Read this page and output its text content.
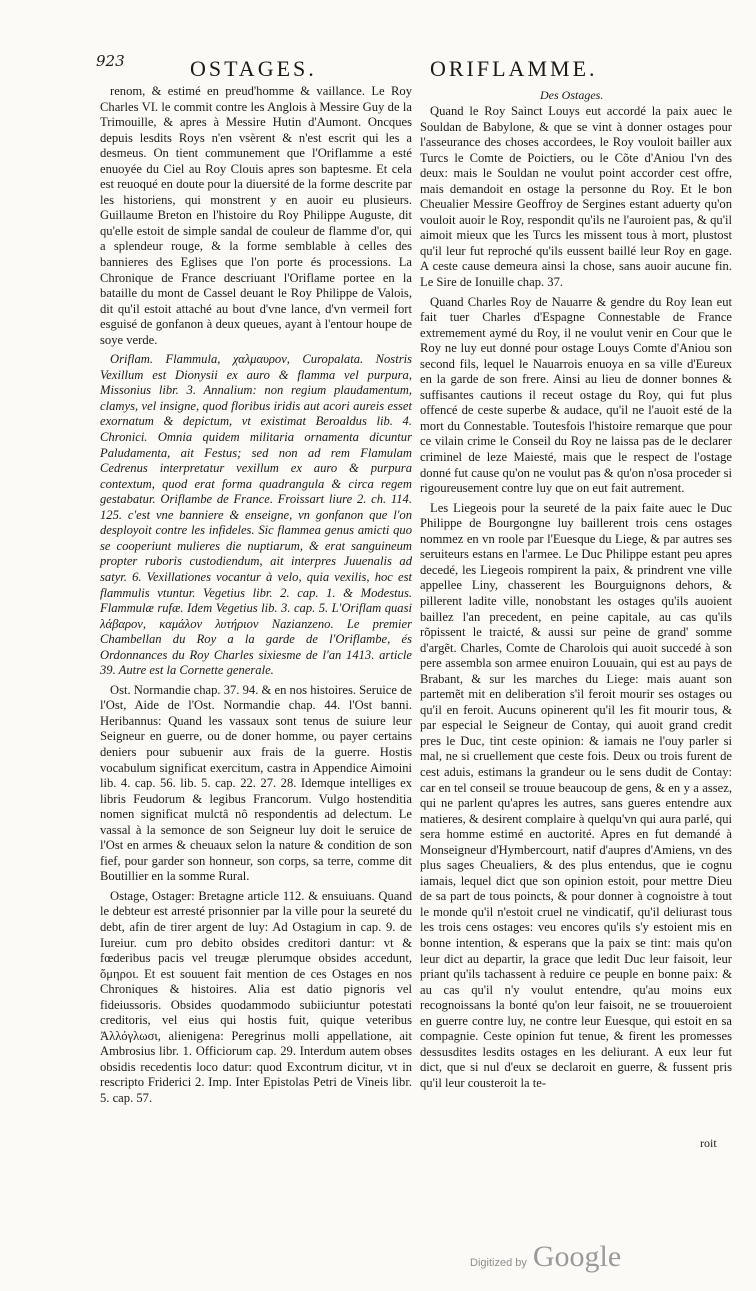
923	OSTAGES.	ORIFLAMME.
Des Ostages.

renom, & estimé en preud'homme & vaillance. Le Roy Charles VI. le commit contre les Anglois à Messire Guy de la Trimouille, & apres à Messire Hutin d'Aumont. Oncques depuis lesdits Roys n'en vsèrent & n'est escrit qui les a desmeus. On tient communement que l'Oriflamme a esté enuoyée du Ciel au Roy Clouis apres son baptesme. Et cela est reuoqué en doute pour la diuersité de la forme descrite par les historiens, qui monstrent y en auoir eu plusieurs. Guillaume Breton en l'histoire du Roy Philippe Auguste, dit qu'elle estoit de simple sandal de couleur de flamme d'or, qui a splendeur rouge, & la forme semblable à celles des bannieres des Eglises que l'on porte és processions. La Chronique de France descriuant l'Oriflame portee en la bataille du mont de Cassel deuant le Roy Philippe de Valois, dit qu'il estoit attaché au bout d'vne lance, d'vn vermeil fort esguisé de gonfanon à deux queues, ayant à l'entour houpe de soye verde.

Oriflam. Flammula, χαλμαυρον, Curopalata. Nostris Vexillum est Dionysii ex auro & flamma vel purpura, Missonius libr. 3. Annalium: non regium plaudamentum, clamys, vel insigne, quod floribus iridis aut acori aureis esset exornatum & depictum, vt existimat Beroaldus lib. 4. Chronici. Omnia quidem militaria ornamenta dicuntur Paludamenta, ait Festus; sed non ad rem Flamulam Cedrenus interpretatur vexillum ex auro & purpura contextum, quod erat forma quadrangula & circa regem gestabatur. Oriflambe de France. Froissart liure 2. ch. 114. 125. c'est vne banniere & enseigne, vn gonfanon que l'on desployoit contre les infideles. Sic flammea genus amicti quo se cooperiunt mulieres die nuptiarum, & erat sanguineum propter ruboris custodiendum, ait interpres Juuenalis ad satyr. 6. Vexillationes vocantur à velo, quia vexilis, hoc est flammulis vtuntur. Vegetius libr. 2. cap. 1. & Modestus. Flammulæ rufæ. Idem Vegetius lib. 3. cap. 5. L'Oriflam quasi λάβαρον, καμάλον λυτήριον Nazianzeno. Le premier Chambellan du Roy a la garde de l'Oriflambe, és Ordonnances du Roy Charles sixiesme de l'an 1413. article 39. Autre est la Cornette generale.

Ost. Normandie chap. 37. 94. & en nos histoires. Seruice de l'Ost, Aide de l'Ost. Normandie chap. 44. l'Ost banni. Heribannus: Quand les vassaux sont tenus de suiure leur Seigneur en guerre, ou de doner homme, ou payer certains deniers pour subuenir aux frais de la guerre. Hostis vocabulum significat exercitum, castra in Appendice Aimoini lib. 4. cap. 56. lib. 5. cap. 22. 27. 28. Idemque intelliges ex libris Feudorum & legibus Francorum. Vulgo hostenditia nomen significat mulctâ nô respondentis ad delectum. Le vassal à la semonce de son Seigneur luy doit le seruice de l'Ost en armes & cheuaux selon la nature & condition de son fief, pour garder son honneur, son corps, sa terre, comme dit Boutillier en la somme Rural.

Ostage, Ostager: Bretagne article 112. & ensuiuans. Quand le debteur est arresté prisonnier par la ville pour la seureté du debt, afin de tirer argent de luy: Ad Ostagium in cap. 9. de Iureiur. cum pro debito obsides creditori dantur: vt & fœderibus pacis vel treugæ plerumque obsides accedunt, ὅμηροι. Et est souuent fait mention de ces Ostages en nos Chroniques & histoires. Alia est datio pignoris vel fideiussoris. Obsides quodammodo subiiciuntur potestati creditoris, vel eius qui hostis fuit, quique veteribus Ἀλλόγλωσι, alienigena: Peregrinus molli appellatione, ait Ambrosius libr. 1. Officiorum cap. 29. Interdum autem obses obsidis recedentis loco datur: quod Excontrum dicitur, vt in rescripto Friderici 2. Imp. Inter Epistolas Petri de Vineis libr. 5. cap. 57.

Quand le Roy Sainct Louys eut accordé la paix auec le Souldan de Babylone, & que se vint à donner ostages pour l'asseurance des choses accordees, le Roy vouloit bailler aux Turcs le Comte de Poictiers, ou le Cõte d'Aniou l'vn des deux: mais le Souldan ne voulut point accorder cest offre, mais demandoit en ostage la personne du Roy. Et le bon Cheualier Messire Geoffroy de Sergines estant aduerty qu'on vouloit auoir le Roy, respondit qu'ils ne l'auroient pas, & qu'il aimoit mieux que les Turcs les missent tous à mort, plustost qu'il leur fut reproché qu'ils eussent baillé leur Roy en gage. A ceste cause demeura ainsi la chose, sans auoir aucune fin. Le Sire de Ionuille chap. 37.

Quand Charles Roy de Nauarre & gendre du Roy Iean eut fait tuer Charles d'Espagne Connestable de France extremement aymé du Roy, il ne voulut venir en Cour que le Roy ne luy eut donné pour ostage Louys Comte d'Aniou son second fils, lequel le Nauarrois enuoya en sa ville d'Eureux en la garde de son frere. Ainsi au lieu de donner bonnes & suffisantes cautions il receut ostage du Roy, qui fut plus offencé de ceste superbe & audace, qu'il ne l'auoit esté de la mort du Connestable. Toutesfois l'histoire remarque que pour ce vilain crime le Conseil du Roy ne laissa pas de le declarer criminel de leze Maiesté, mais que le respect de l'ostage donné fut cause qu'on ne voulut pas & qu'on n'osa proceder si rigoureusement contre luy que on eut fait autrement.

Les Liegeois pour la seureté de la paix faite auec le Duc Philippe de Bourgongne luy baillerent trois cens ostages nommez en vn roole par l'Euesque du Liege, & par autres ses seruiteurs estans en l'armee. Le Duc Philippe estant peu apres decedé, les Liegeois rompirent la paix, & prindrent vne ville appellee Liny, chasserent les Bourguignons dehors, & pillerent ladite ville, nonobstant les ostages qu'ils auoient baillez l'an precedent, en peine capitale, au cas qu'ils rõpissent le traicté, & aussi sur peine de grand' somme d'argẽt. Charles, Comte de Charolois qui auoit succedé à son pere assembla son armee enuiron Louuain, qui est au pays de Brabant, & sur les marches du Liege: mais auant son partemẽt mit en deliberation s'il feroit mourir ses ostages ou qu'il en feroit. Aucuns opinerent qu'il les fit mourir tous, & par especial le Seigneur de Contay, qui auoit grand credit pres le Duc, tint ceste opinion: & iamais ne l'ouy parler si mal, ne si cruellement que ceste fois. Deux ou trois furent de cest aduis, estimans la grandeur ou le sens dudit de Contay: car en tel conseil se trouue beaucoup de gens, & en y a assez, qui ne parlent qu'apres les autres, sans gueres entendre aux matieres, & desirent complaire à quelqu'vn qui aura parlé, qui sera homme estimé en auctorité. Apres en fut demandé à Monseigneur d'Hymbercourt, natif d'aupres d'Amiens, vn des plus sages Cheualiers, & des plus entendus, que ie cognu iamais, lequel dict que son opinion estoit, pour mettre Dieu de sa part de tous poincts, & pour donner à cognoistre à tout le monde qu'il n'estoit cruel ne vindicatif, qu'il deliurast tous les trois cens ostages: veu encores qu'ils s'y estoient mis en bonne intention, & esperans que la paix se tint: mais qu'on leur dict au departir, la grace que ledit Duc leur faisoit, leur priant qu'ils tachassent à reduire ce peuple en bonne paix: & au cas qu'il n'y voulut entendre, qu'au moins eux recognoissans la bonté qu'on leur faisoit, ne se trouueroient en guerre contre luy, ne contre leur Euesque, qui estoit en sa compagnie. Ceste opinion fut tenue, & firent les promesses dessusdites lesdits ostages en les deliurant. A eux leur fut dict, que si nul d'eux se declaroit en guerre, & fussent pris qu'il leur cousteroit la te-

roit
Digitized by Google
